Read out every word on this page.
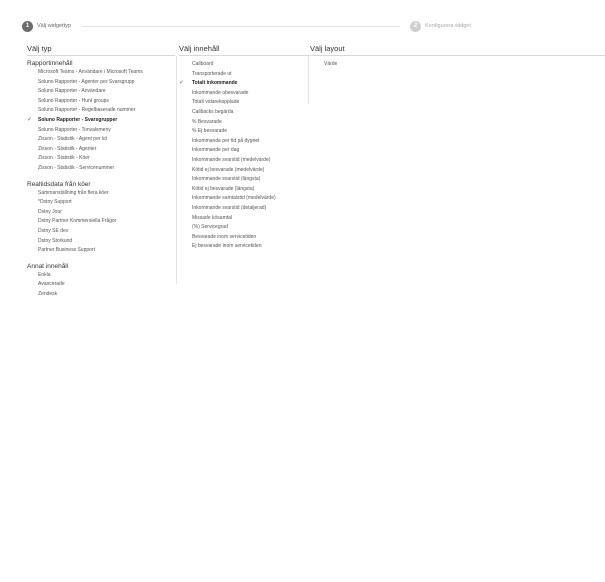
1	Välj widgettyp	2	Konfigurera widget
Välj typ
Rapportinnehåll
Microsoft Teams - Användare i Microsoft Teams
Soluno Rapporter - Agenter per Svarsgrupp
Soluno Rapporter - Användare
Soluno Rapporter - Hunt groups
Soluno Rapporter - Regelbaserade nummer
✓ Soluno Rapporter - Svarsgrupper
Soluno Rapporter - Tonvalsmeny
Zisson - Statistik - Agent per kö
Zisson - Statistik - Agenter
Zisson - Statistik - Köer
Zisson - Statistik - Servicenummer
Realtidsdata från köer
Sammanställning från flera köer
*Dstny Support
Dstny Jour
Dstny Partner Kommersiella Frågor
Dstny SE dev
Dstny Storkund
Partner Business Support
Annat innehåll
Enkla
Avancerade
Zendesk
Välj innehåll
Callboard
Transporterade ut
✓ Totalt inkommande
Inkommande obesvarade
Totalt vidarekopplade
Callbacks begärda
% Besvarade
% Ej besvarade
Inkommande per tid på dygnet
Inkommande per dag
Inkommande svarstid (medelvärde)
Kötid ej besvarade (medelvärde)
Inkommande svarstid (längsta)
Kötid ej besvarade (längsta)
Inkommande samtalstid (medelvärde)
Inkommande svarstid (detaljerad)
Missade kösamtal
(%) Servicegrad
Besvarade inom servicetiden
Ej besvarade inom servicetiden
Välj layout
Värde
